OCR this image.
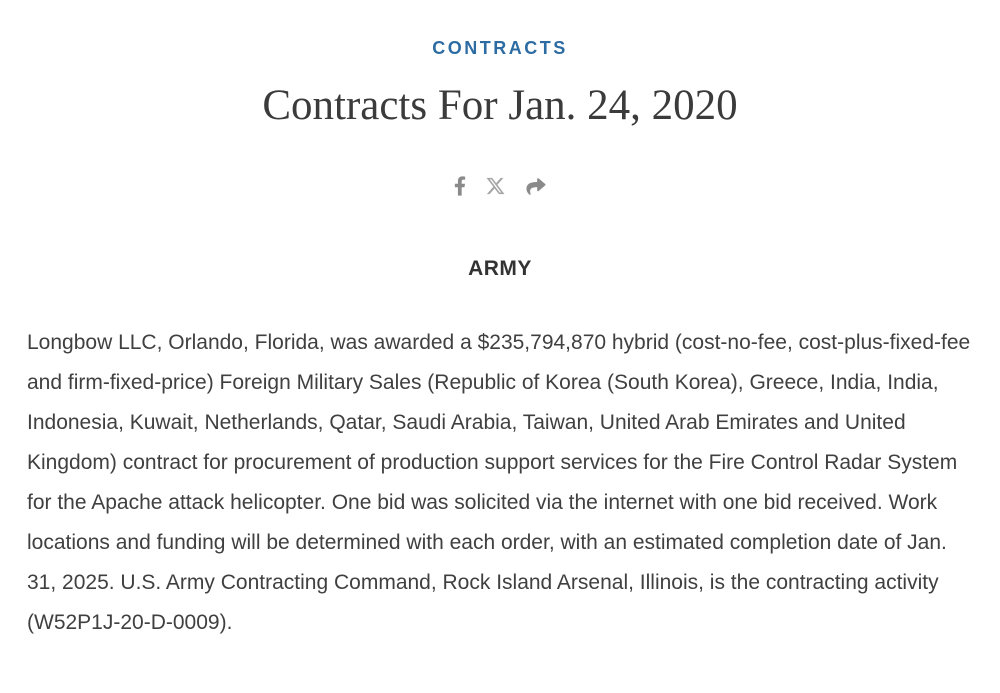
CONTRACTS
Contracts For Jan. 24, 2020
ARMY

Longbow LLC, Orlando, Florida, was awarded a $235,794,870 hybrid (cost-no-fee, cost-plus-fixed-fee and firm-fixed-price) Foreign Military Sales (Republic of Korea (South Korea), Greece, India, India, Indonesia, Kuwait, Netherlands, Qatar, Saudi Arabia, Taiwan, United Arab Emirates and United Kingdom) contract for procurement of production support services for the Fire Control Radar System for the Apache attack helicopter. One bid was solicited via the internet with one bid received. Work locations and funding will be determined with each order, with an estimated completion date of Jan. 31, 2025. U.S. Army Contracting Command, Rock Island Arsenal, Illinois, is the contracting activity (W52P1J-20-D-0009).
